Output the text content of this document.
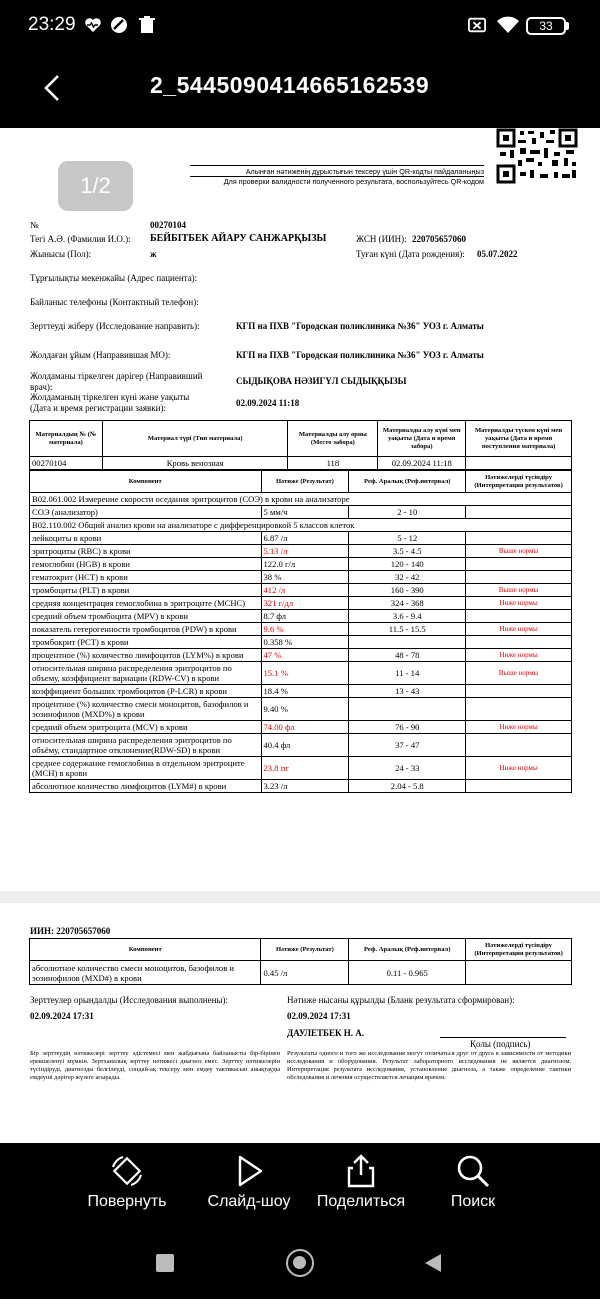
23:29	33
2_5445090414665162539
1/2
Алынған нәтиженің дұрыстығын тексеру үшін QR-кодты пайдаланыңыз
Для проверки валидности полученного результата, воспользуйтесь QR-кодом
№	00270104
Тегі А.Ә. (Фамилия И.О.): БЕЙБІТБЕК АЙАРУ САНЖАРҚЫЗЫ	ЖСН (ИИН): 220705657060
Жынысы (Пол):	ж	Туған күні (Дата рождения): 05.07.2022
Тұрғылықты мекенжайы (Адрес пациента):
Байланыс телефоны (Контактный телефон):
Зерттеуді жіберу (Исследование направить):	КГП на ПХВ "Городская поликлиника №36" УОЗ г. Алматы
Жолдаған ұйым (Направившая МО):	КГП на ПХВ "Городская поликлиника №36" УОЗ г. Алматы
Жолдаманы тіркелген дәрігер (Направивший
врач):
СЫДЫҚОВА НӘЗИГҮЛ СЫДЫҚҚЫЗЫ
Жолдаманың тіркелген күні және уақыты
(Дата и время регистрации заявки):	02.09.2024 11:18
Материалдың № (№ материала)	Материал түрі (Тип материала)	Материалды алу орны (Место забора)	Материалды алу күні мен уақыты (Дата и время забора)	Материалды түскен күні мен уақыты (Дата и время поступления материала)
00270104	Кровь венозная	118	02.09.2024 11:18	
Компонент	Нәтиже (Результат)	Реф. Аралық (Реф.интервал)	Нәтижелерді түсіндіру (Интерпретация результатов)
B02.061.002 Измерение скорости оседания эритроцитов (СОЭ) в крови на анализаторе			
СОЭ (анализатор)	5 мм/ч	2 - 10	
B02.110.002 Общий анализ крови на анализаторе с дифференцировкой 5 классов клеток			
лейкоциты в крови	6.87 /л	5 - 12	
эритроциты (RBC) в крови	5.13 /л	3.5 - 4.5	Выше нормы
гемоглобин (HGB) в крови	122.0 г/л	120 - 140	
гематокрит (HCT) в крови	38 %	32 - 42	
тромбоциты (PLT) в крови	412 /л	160 - 390	Выше нормы
средняя концентрация гемоглобина в эритроците (MCHC)	321 г/дл	324 - 368	Ниже нормы
средний объем тромбоцита (MPV) в крови	8.7 фл	3.6 - 9.4	
показатель гетерогенности тромбоцитов (PDW) в крови	9.6 %	11.5 - 15.5	Ниже нормы
тромбокрит (PCT) в крови	0.358 %		
процентное (%) количество лимфоцитов (LYM%) в крови	47 %	48 - 78	Ниже нормы
относительная ширина распределения эритроцитов по объему, коэффициент вариации (RDW-CV) в крови	15.1 %	11 - 14	Выше нормы
коэффициент больших тромбоцитов (P-LCR) в крови	18.4 %	13 - 43	
процентное (%) количество смеси моноцитов, базофилов и эозинофилов (MXD%) в крови	9.40 %		
средний объем эритроцита (MCV) в крови	74.00 фл	76 - 90	Ниже нормы
относительная ширина распределения эритроцитов по объёму, стандартное отклонение(RDW-SD) в крови	40.4 фл	37 - 47	
среднее содержание гемоглобина в отдельном эритроците (MCH) в крови	23.8 пг	24 - 33	Ниже нормы
абсолютное количество лимфоцитов (LYM#) в крови	3.23 /л	2.04 - 5.8	
ИИН: 220705657060
Компонент	Нәтиже (Результат)	Реф. Аралық (Реф.интервал)	Нәтижелерді түсіндіру (Интерпретация результатов)
абсолютное количество смеси моноцитов, базофилов и эозинофилов (MXD#) в крови	0.45 /л	0.11 - 0.965	
Зерттеулер орындалды (Исследования выполнены):
02.09.2024 17:31
Нәтиже нысаны құрылды (Бланк результата сформирован):
02.09.2024 17:31
ДАУЛЕТБЕК Н. А.
Қолы (подпись)
Бір зерттеудің нәтижелері зерттеу әдістемесі мен жабдығына байланысты бір-бірінен ерекшеленуі мүмкін. Зертханалық зерттеу нәтижесі диагноз емес. Зерттеу нәтижелерін түсіндіруді, диагнозды белгілеуді, сондай-ақ тексеру мен емдеу тактикасын анықтауды емдеуші дәрігер жүзеге асырады.
Результаты одного и того же исследования могут отличаться друг от друга в зависимости от методики исследования и оборудования. Результат лабораторного исследования не является диагнозом. Интерпретация результата исследования, установление диагноза, а также определение тактики обследования и лечения осуществляется лечащим врачом.
Повернуть	Слайд-шоу	Поделиться	Поиск
